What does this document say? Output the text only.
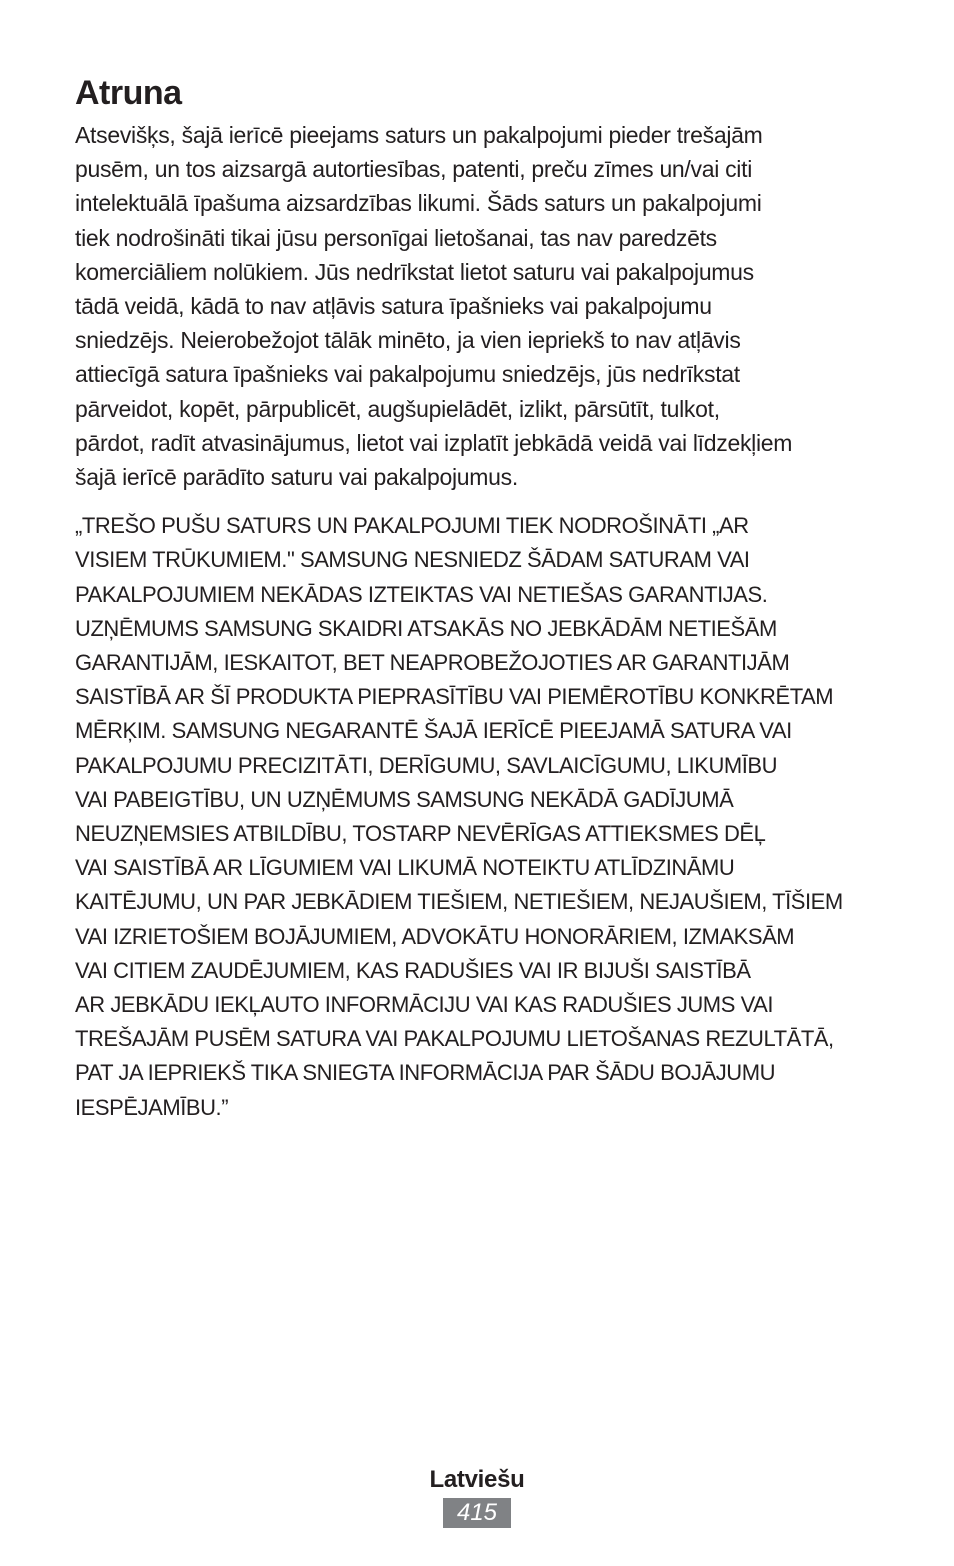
Atruna

Atsevišķs, šajā ierīcē pieejams saturs un pakalpojumi pieder trešajām
pusēm, un tos aizsargā autortiesības, patenti, preču zīmes un/vai citi
intelektuālā īpašuma aizsardzības likumi. Šāds saturs un pakalpojumi
tiek nodrošināti tikai jūsu personīgai lietošanai, tas nav paredzēts
komerciāliem nolūkiem. Jūs nedrīkstat lietot saturu vai pakalpojumus
tādā veidā, kādā to nav atļāvis satura īpašnieks vai pakalpojumu
sniedzējs. Neierobežojot tālāk minēto, ja vien iepriekš to nav atļāvis
attiecīgā satura īpašnieks vai pakalpojumu sniedzējs, jūs nedrīkstat
pārveidot, kopēt, pārpublicēt, augšupielādēt, izlikt, pārsūtīt, tulkot,
pārdot, radīt atvasinājumus, lietot vai izplatīt jebkādā veidā vai līdzekļiem
šajā ierīcē parādīto saturu vai pakalpojumus.

„TREŠO PUŠU SATURS UN PAKALPOJUMI TIEK NODROŠINĀTI „AR
VISIEM TRŪKUMIEM." SAMSUNG NESNIEDZ ŠĀDAM SATURAM VAI
PAKALPOJUMIEM NEKĀDAS IZTEIKTAS VAI NETIEŠAS GARANTIJAS.
UZŅĒMUMS SAMSUNG SKAIDRI ATSAKĀS NO JEBKĀDĀM NETIEŠĀM
GARANTIJĀM, IESKAITOT, BET NEAPROBEŽOJOTIES AR GARANTIJĀM
SAISTĪBĀ AR ŠĪ PRODUKTA PIEPRASĪTĪBU VAI PIEMĒROTĪBU KONKRĒTAM
MĒRĶIM. SAMSUNG NEGARANTĒ ŠAJĀ IERĪCĒ PIEEJAMĀ SATURA VAI
PAKALPOJUMU PRECIZITĀTI, DERĪGUMU, SAVLAICĪGUMU, LIKUMĪBU
VAI PABEIGTĪBU, UN UZŅĒMUMS SAMSUNG NEKĀDĀ GADĪJUMĀ
NEUZŅEMSIES ATBILDĪBU, TOSTARP NEVĒRĪGAS ATTIEKSMES DĒĻ
VAI SAISTĪBĀ AR LĪGUMIEM VAI LIKUMĀ NOTEIKTU ATLĪDZINĀMU
KAITĒJUMU, UN PAR JEBKĀDIEM TIEŠIEM, NETIEŠIEM, NEJAUŠIEM, TĪŠIEM
VAI IZRIETOŠIEM BOJĀJUMIEM, ADVOKĀTU HONORĀRIEM, IZMAKSĀM
VAI CITIEM ZAUDĒJUMIEM, KAS RADUŠIES VAI IR BIJUŠI SAISTĪBĀ
AR JEBKĀDU IEKĻAUTO INFORMĀCIJU VAI KAS RADUŠIES JUMS VAI
TREŠAJĀM PUSĒM SATURA VAI PAKALPOJUMU LIETOŠANAS REZULTĀTĀ,
PAT JA IEPRIEKŠ TIKA SNIEGTA INFORMĀCIJA PAR ŠĀDU BOJĀJUMU
IESPĒJAMĪBU.”

Latviešu
415
